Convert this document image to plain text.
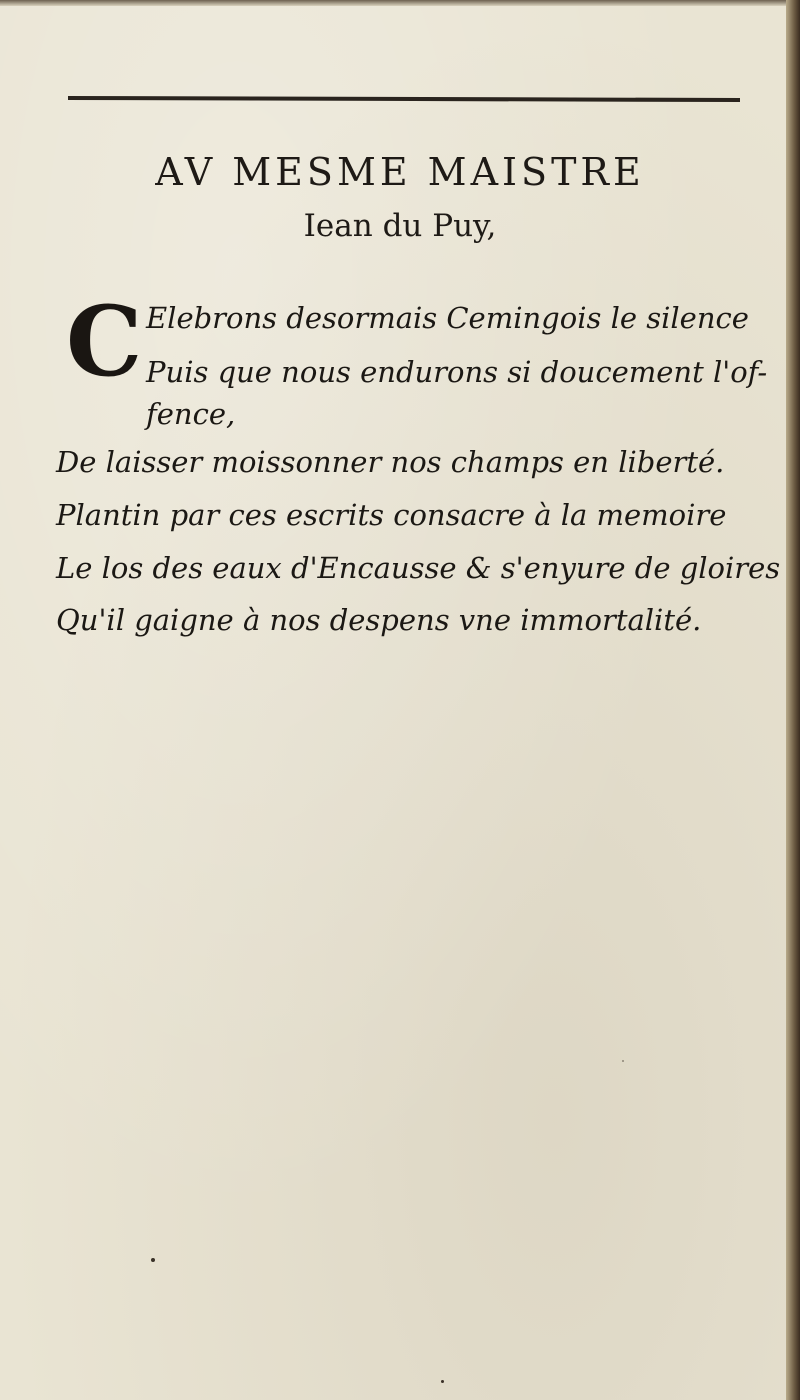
AV MESME MAISTRE
Iean du Puy,
C Elebrons desormais Cemingois le silence
Puis que nous endurons si doucement l'of-
fence,
De laisser moissonner nos champs en liberté.
Plantin par ces escrits consacre à la memoire
Le los des eaux d'Encausse & s'enyure de gloires
Qu'il gaigne à nos despens vne immortalité.
